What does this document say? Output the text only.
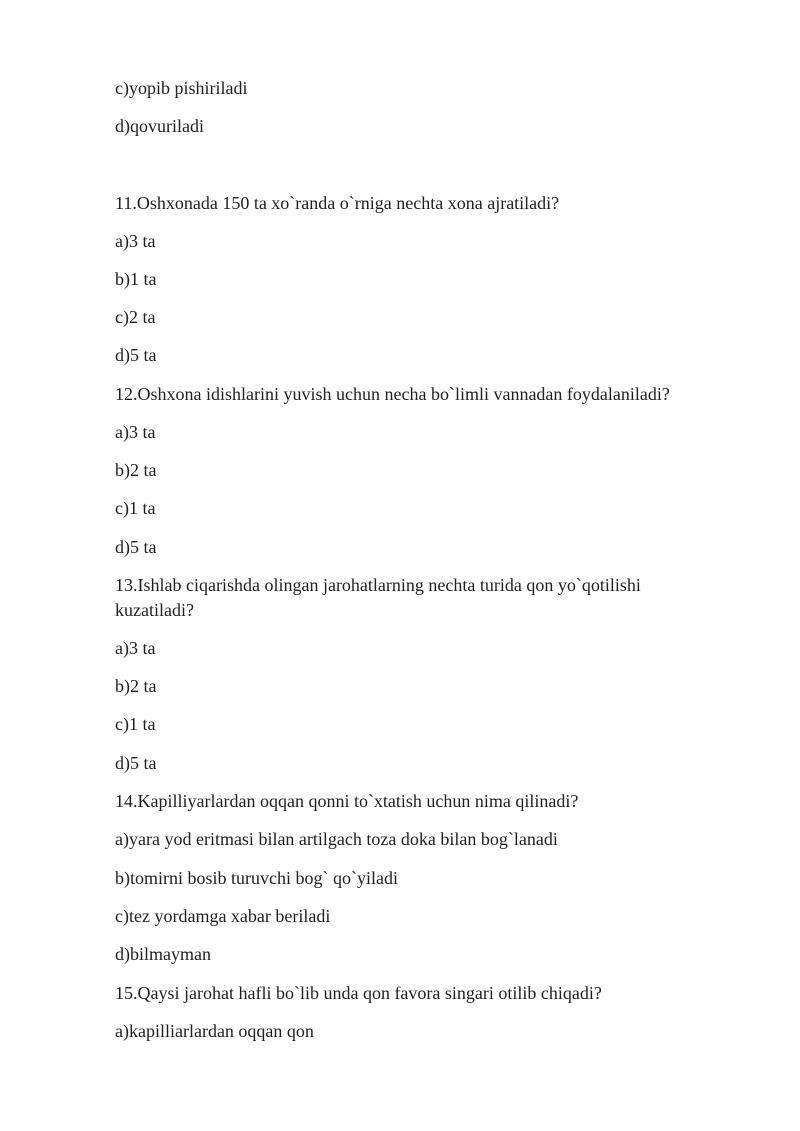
c)yopib pishiriladi

d)qovuriladi

11.Oshxonada 150 ta xo`randa o`rniga nechta xona ajratiladi?

a)3 ta

b)1 ta

c)2 ta

d)5 ta

12.Oshxona idishlarini yuvish uchun necha bo`limli vannadan foydalaniladi?

a)3 ta

b)2 ta

c)1 ta

d)5 ta

13.Ishlab ciqarishda olingan jarohatlarning nechta turida qon yo`qotilishi

kuzatiladi?

a)3 ta

b)2 ta

c)1 ta

d)5 ta

14.Kapilliyarlardan oqqan qonni to`xtatish uchun nima qilinadi?

a)yara yod eritmasi bilan artilgach toza doka bilan bog`lanadi

b)tomirni bosib turuvchi bog` qo`yiladi

c)tez yordamga xabar beriladi

d)bilmayman

15.Qaysi jarohat hafli bo`lib unda qon favora singari otilib chiqadi?

a)kapilliarlardan oqqan qon
